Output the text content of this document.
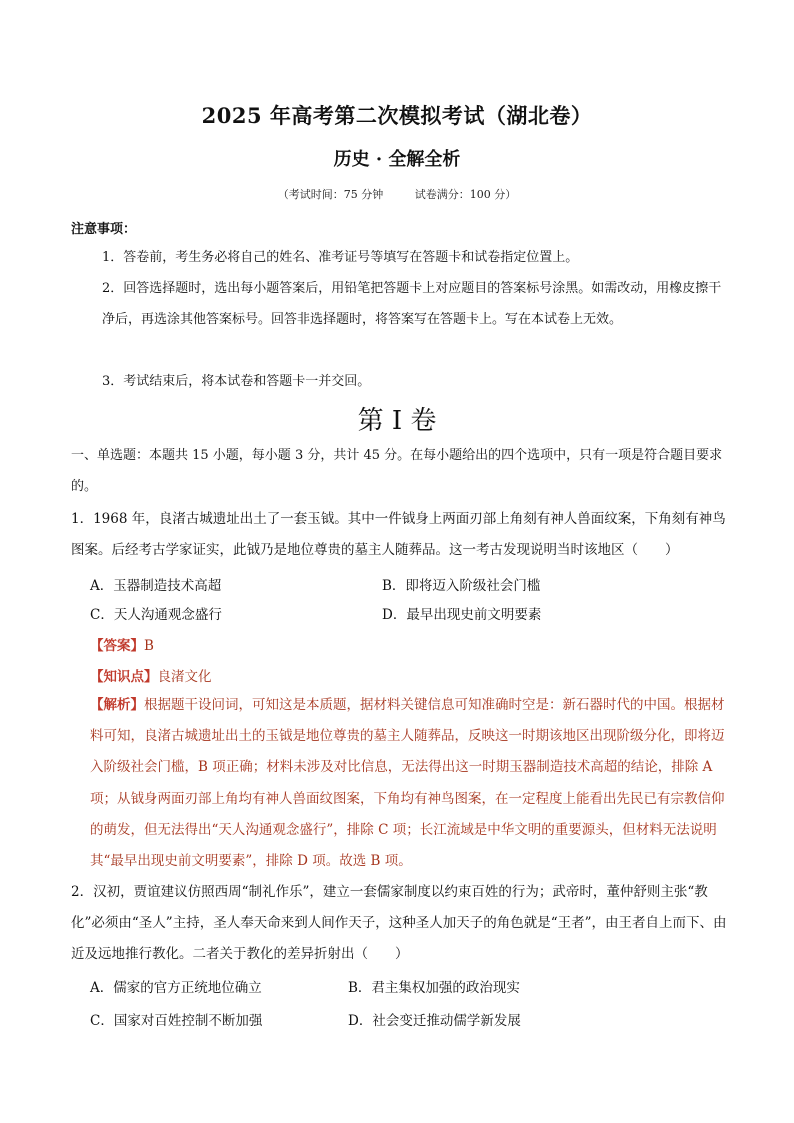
2025 年高考第二次模拟考试（湖北卷）
历史 · 全解全析
（考试时间：75 分钟	试卷满分：100 分）
注意事项：
1．答卷前，考生务必将自己的姓名、准考证号等填写在答题卡和试卷指定位置上。
2．回答选择题时，选出每小题答案后，用铅笔把答题卡上对应题目的答案标号涂黑。如需改动，用橡皮擦干净后，再选涂其他答案标号。回答非选择题时，将答案写在答题卡上。写在本试卷上无效。
3．考试结束后，将本试卷和答题卡一并交回。
第 I 卷
一、单选题：本题共 15 小题，每小题 3 分，共计 45 分。在每小题给出的四个选项中，只有一项是符合题目要求的。
1．1968 年，良渚古城遗址出土了一套玉钺。其中一件钺身上两面刃部上角刻有神人兽面纹案，下角刻有神鸟图案。后经考古学家证实，此钺乃是地位尊贵的墓主人随葬品。这一考古发现说明当时该地区（　　）
A．玉器制造技术高超	B．即将迈入阶级社会门槛
C．天人沟通观念盛行	D．最早出现史前文明要素
【答案】B
【知识点】良渚文化
【解析】根据题干设问词，可知这是本质题，据材料关键信息可知准确时空是：新石器时代的中国。根据材料可知，良渚古城遗址出土的玉钺是地位尊贵的墓主人随葬品，反映这一时期该地区出现阶级分化，即将迈入阶级社会门槛，B 项正确；材料未涉及对比信息，无法得出这一时期玉器制造技术高超的结论，排除 A 项；从钺身两面刃部上角均有神人兽面纹图案，下角均有神鸟图案，在一定程度上能看出先民已有宗教信仰的萌发，但无法得出“天人沟通观念盛行”，排除 C 项；长江流域是中华文明的重要源头，但材料无法说明其“最早出现史前文明要素”，排除 D 项。故选 B 项。
2．汉初，贾谊建议仿照西周“制礼作乐”，建立一套儒家制度以约束百姓的行为；武帝时，董仲舒则主张“教化”必须由“圣人”主持，圣人奉天命来到人间作天子，这种圣人加天子的角色就是“王者”，由王者自上而下、由近及远地推行教化。二者关于教化的差异折射出（　　）
A．儒家的官方正统地位确立	B．君主集权加强的政治现实
C．国家对百姓控制不断加强	D．社会变迁推动儒学新发展
